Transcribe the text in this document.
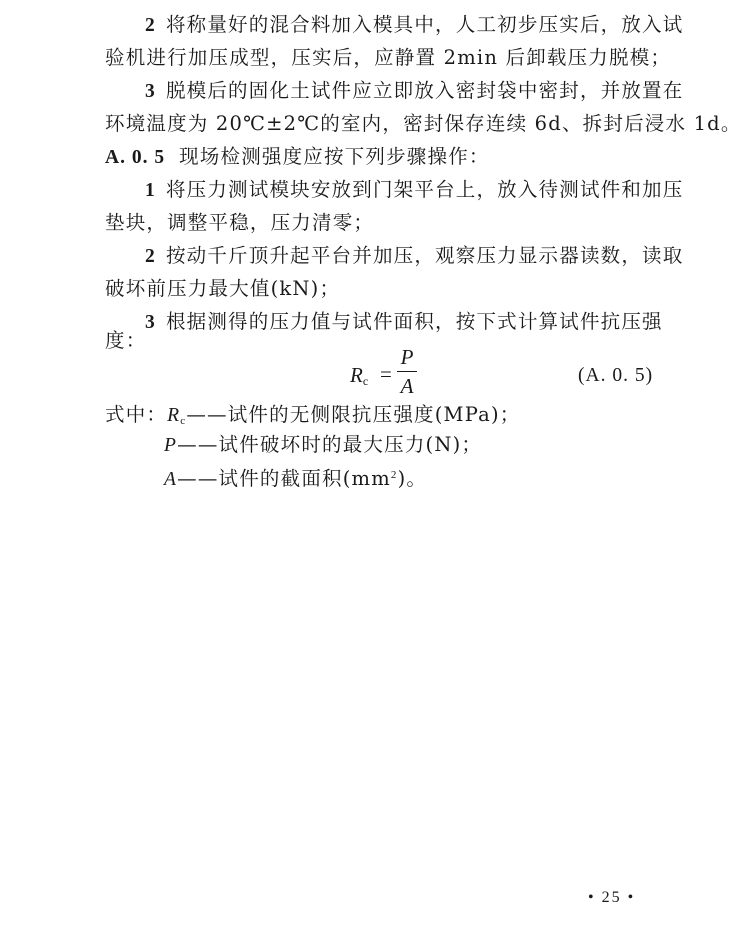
2 将称量好的混合料加入模具中，人工初步压实后，放入试
验机进行加压成型，压实后，应静置 2min 后卸载压力脱模；
3 脱模后的固化土试件应立即放入密封袋中密封，并放置在
环境温度为 20℃±2℃的室内，密封保存连续 6d、拆封后浸水 1d。
A. 0. 5 现场检测强度应按下列步骤操作：
1 将压力测试模块安放到门架平台上，放入待测试件和加压
垫块，调整平稳，压力清零；
2 按动千斤顶升起平台并加压，观察压力显示器读数，读取
破坏前压力最大值(kN)；
3 根据测得的压力值与试件面积，按下式计算试件抗压强
度：
$R_c$ =
P
A	(A. 0. 5)
式中：$R_c——$试件的无侧限抗压强度(MPa)；
P——试件破坏时的最大压力(N)；
A——试件的截面积$(mm^2)$。
• 25 •
